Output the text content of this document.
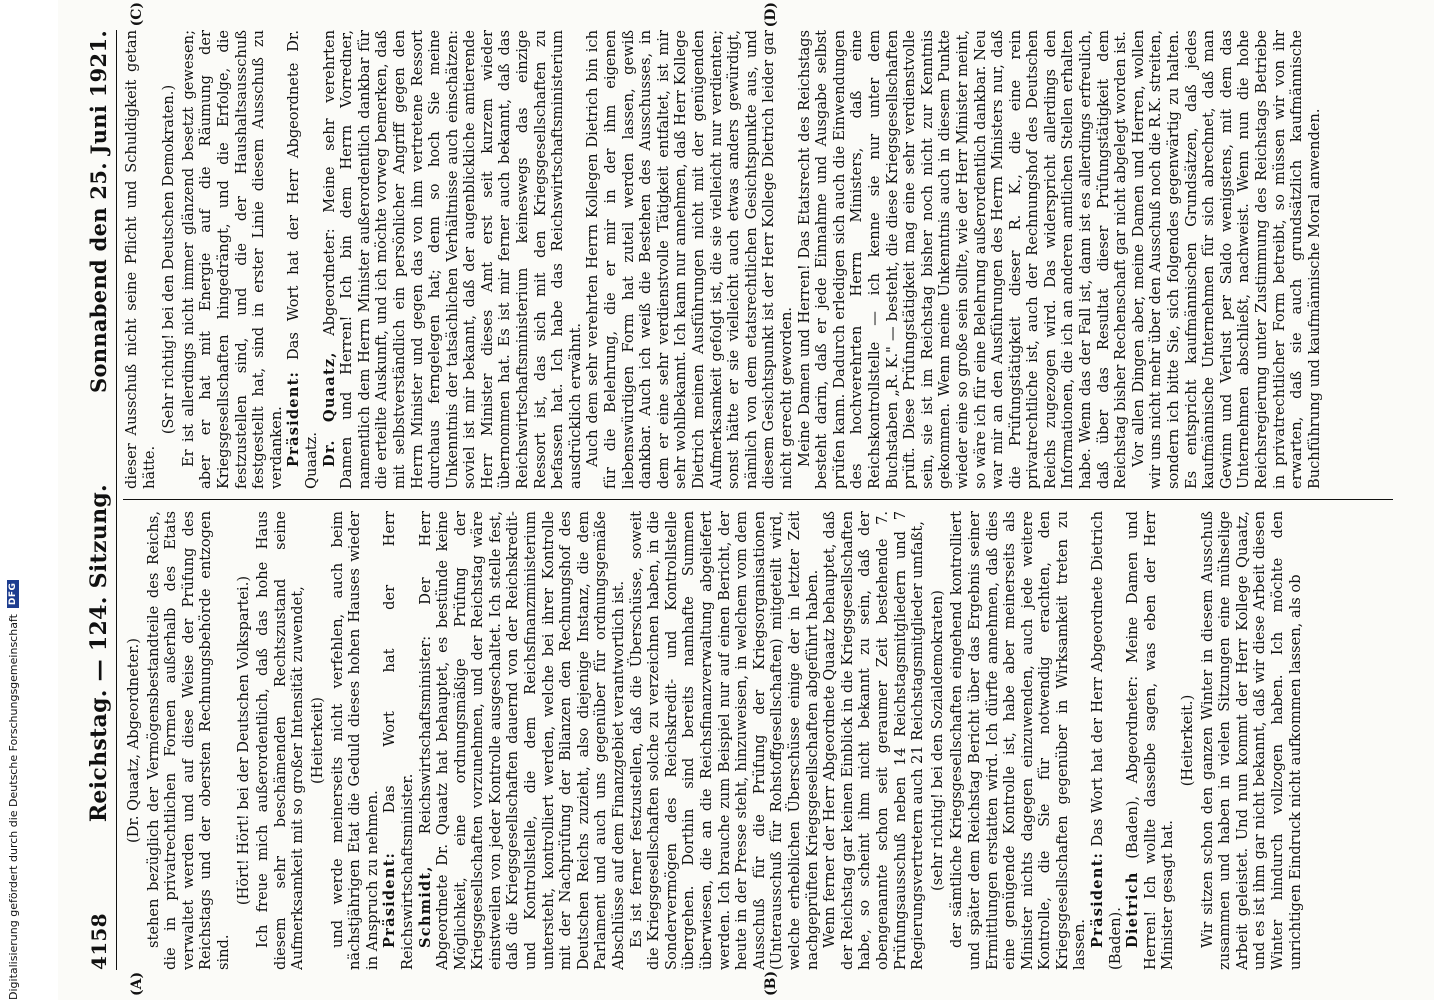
4158
Reichstag. — 124. Sitzung.
Sonnabend den 25. Juni 1921.

(Dr. Quaatz, Abgeordneter.) stehen bezüglich der Vermögensbestandteile des Reichs, die in privatrechtlichen Formen außerhalb des Etats verwaltet werden und auf diese Weise der Prüfung des Reichstags und der obersten Rechnungsbehörde entzogen sind.

(Hört! Hört! bei der Deutschen Volkspartei.) Ich freue mich außerordentlich, daß das hohe Haus diesem sehr beschämenden Rechtszustand seine Aufmerksamkeit mit so großer Intensität zuwendet, (Heiterkeit) und werde meinerseits nicht verfehlen, auch beim nächstjährigen Etat die Geduld dieses hohen Hauses wieder in Anspruch zu nehmen. Präsident: Das Wort hat der Herr Reichswirtschaftsminister. Schmidt, Reichswirtschaftsminister: Der Herr Abgeordnete Dr. Quaatz hat behauptet, es bestünde keine Möglichkeit, eine ordnungsmäßige Prüfung der Kriegsgesellschaften vorzunehmen, und der Reichstag wäre einstweilen von jeder Kontrolle ausgeschaltet. Ich stelle fest, daß die Kriegsgesellschaften dauernd von der Reichskredit- und Kontrollstelle, die dem Reichsfinanzministerium untersteht, kontrolliert werden, welche bei ihrer Kontrolle mit der Nachprüfung der Bilanzen den Rechnungshof des Deutschen Reichs zuzieht, also diejenige Instanz, die dem Parlament und auch uns gegenüber für ordnungsgemäße Abschlüsse auf dem Finanzgebiet verantwortlich ist. Es ist ferner festzustellen, daß die Überschüsse, soweit die Kriegsgesellschaften solche zu verzeichnen haben, in die Sondervermögen des Reichskredit- und Kontrollstelle übergehen. Dorthin sind bereits namhafte Summen überwiesen, die an die Reichsfinanzverwaltung abgeliefert werden. Ich brauche zum Beispiel nur auf einen Bericht, der heute in der Presse steht, hinzuweisen, in welchem vom dem Ausschuß für die Prüfung der Kriegsorganisationen (Unterausschuß für Rohstoffgesellschaften) mitgeteilt wird, welche erheblichen Überschüsse einige der in letzter Zeit nachgeprüften Kriegsgesellschaften abgeführt haben. Wenn ferner der Herr Abgeordnete Quaatz behauptet, daß der Reichstag gar keinen Einblick in die Kriegsgesellschaften habe, so scheint ihm nicht bekannt zu sein, daß der obengenannte schon seit geraumer Zeit bestehende 7. Prüfungsausschuß neben 14 Reichstagsmitgliedern und 7 Regierungsvertretern auch 21 Reichstagsmitglieder umfaßt, (sehr richtig! bei den Sozialdemokraten) der sämtliche Kriegsgesellschaften eingehend kontrolliert und später dem Reichstag Bericht über das Ergebnis seiner Ermittlungen erstatten wird. Ich dürfte annehmen, daß dies eine genügende Kontrolle ist, habe aber meinerseits als Minister nichts dagegen einzuwenden, auch jede weitere Kontrolle, die Sie für notwendig erachten, den Kriegsgesellschaften gegenüber in Wirksamkeit treten zu lassen. Präsident: Das Wort hat der Herr Abgeordnete Dietrich (Baden). Dietrich (Baden), Abgeordneter: Meine Damen und Herren! Ich wollte dasselbe sagen, was eben der Herr Minister gesagt hat.

(Heiterkeit.) Wir sitzen schon den ganzen Winter in diesem Ausschuß zusammen und haben in vielen Sitzungen eine mühselige Arbeit geleistet. Und nun kommt der Herr Kollege Quaatz, und es ist ihm gar nicht bekannt, daß wir diese Arbeit diesen Winter hindurch vollzogen haben. Ich möchte den unrichtigen Eindruck nicht aufkommen lassen, als ob

dieser Ausschuß nicht seine Pflicht und Schuldigkeit getan hätte.

(Sehr richtig! bei den Deutschen Demokraten.) Er ist allerdings nicht immer glänzend besetzt gewesen; aber er hat mit Energie auf die Räumung der Kriegsgesellschaften hingedrängt, und die Erfolge, die festzustellen sind, und die der Haushaltsausschuß festgestellt hat, sind in erster Linie diesem Ausschuß zu verdanken. Präsident: Das Wort hat der Herr Abgeordnete Dr. Quaatz. Dr. Quaatz, Abgeordneter: Meine sehr verehrten Damen und Herren! Ich bin dem Herrn Vorredner, namentlich dem Herrn Minister außerordentlich dankbar für die erteilte Auskunft, und ich möchte vorweg bemerken, daß mit selbstverständlich ein persönlicher Angriff gegen den Herrn Minister und gegen das von ihm vertretene Ressort durchaus ferngelegen hat; denn so hoch Sie meine Unkenntnis der tatsächlichen Verhältnisse auch einschätzen: soviel ist mir bekannt, daß der augenblickliche amtierende Herr Minister dieses Amt erst seit kurzem wieder übernommen hat. Es ist mir ferner auch bekannt, daß das Reichswirtschaftsministerium keineswegs das einzige Ressort ist, das sich mit den Kriegsgesellschaften zu befassen hat. Ich habe das Reichswirtschaftsministerium ausdrücklich erwähnt. Auch dem sehr verehrten Herrn Kollegen Dietrich bin ich für die Belehrung, die er mir in der ihm eigenen liebenswürdigen Form hat zuteil werden lassen, gewiß dankbar. Auch ich weiß die Bestehen des Ausschusses, in dem er eine sehr verdienstvolle Tätigkeit entfaltet, ist mir sehr wohlbekannt. Ich kann nur annehmen, daß Herr Kollege Dietrich meinen Ausführungen nicht mit der genügenden Aufmerksamkeit gefolgt ist, die sie vielleicht nur verdienten; sonst hätte er sie vielleicht auch etwas anders gewürdigt, nämlich von dem etatsrechtlichen Gesichtspunkte aus, und diesem Gesichtspunkt ist der Herr Kollege Dietrich leider gar nicht gerecht geworden. Meine Damen und Herren! Das Etatsrecht des Reichstags besteht darin, daß er jede Einnahme und Ausgabe selbst prüfen kann. Dadurch erledigen sich auch die Einwendungen des hochverehrten Herrn Ministers, daß eine Reichskontrollstelle — ich kenne sie nur unter dem Buchstaben „R. K." — besteht, die diese Kriegsgesellschaften prüft. Diese Prüfungstätigkeit mag eine sehr verdienstvolle sein, sie ist im Reichstag bisher noch nicht zur Kenntnis gekommen. Wenn meine Unkenntnis auch in diesem Punkte wieder eine so große sein sollte, wie der Herr Minister meint, so wäre ich für eine Belehrung außerordentlich dankbar. Neu war mir an den Ausführungen des Herrn Ministers nur, daß die Prüfungstätigkeit dieser R. K., die eine rein privatrechtliche ist, auch der Rechnungshof des Deutschen Reichs zugezogen wird. Das widerspricht allerdings den Informationen, die ich an anderen amtlichen Stellen erhalten habe. Wenn das der Fall ist, dann ist es allerdings erfreulich, daß über das Resultat dieser Prüfungstätigkeit dem Reichstag bisher Rechenschaft gar nicht abgelegt worden ist. Vor allen Dingen aber, meine Damen und Herren, wollen wir uns nicht mehr über den Ausschuß noch die R.K. streiten, sondern ich bitte Sie, sich folgendes gegenwärtig zu halten. Es entspricht kaufmännischen Grundsätzen, daß jedes kaufmännische Unternehmen für sich abrechnet, daß man Gewinn und Verlust per Saldo wenigstens, mit dem das Unternehmen abschließt, nachweist. Wenn nun die hohe Reichsregierung unter Zustimmung des Reichstags Betriebe in privatrechtlicher Form betreibt, so müssen wir von ihr erwarten, daß sie auch grundsätzlich kaufmännische Buchführung und kaufmännische Moral anwenden.

(A)	(B)
(C)	(D)
Digitalisierung gefördert durch die Deutsche Forschungsgemeinschaft
DFG
